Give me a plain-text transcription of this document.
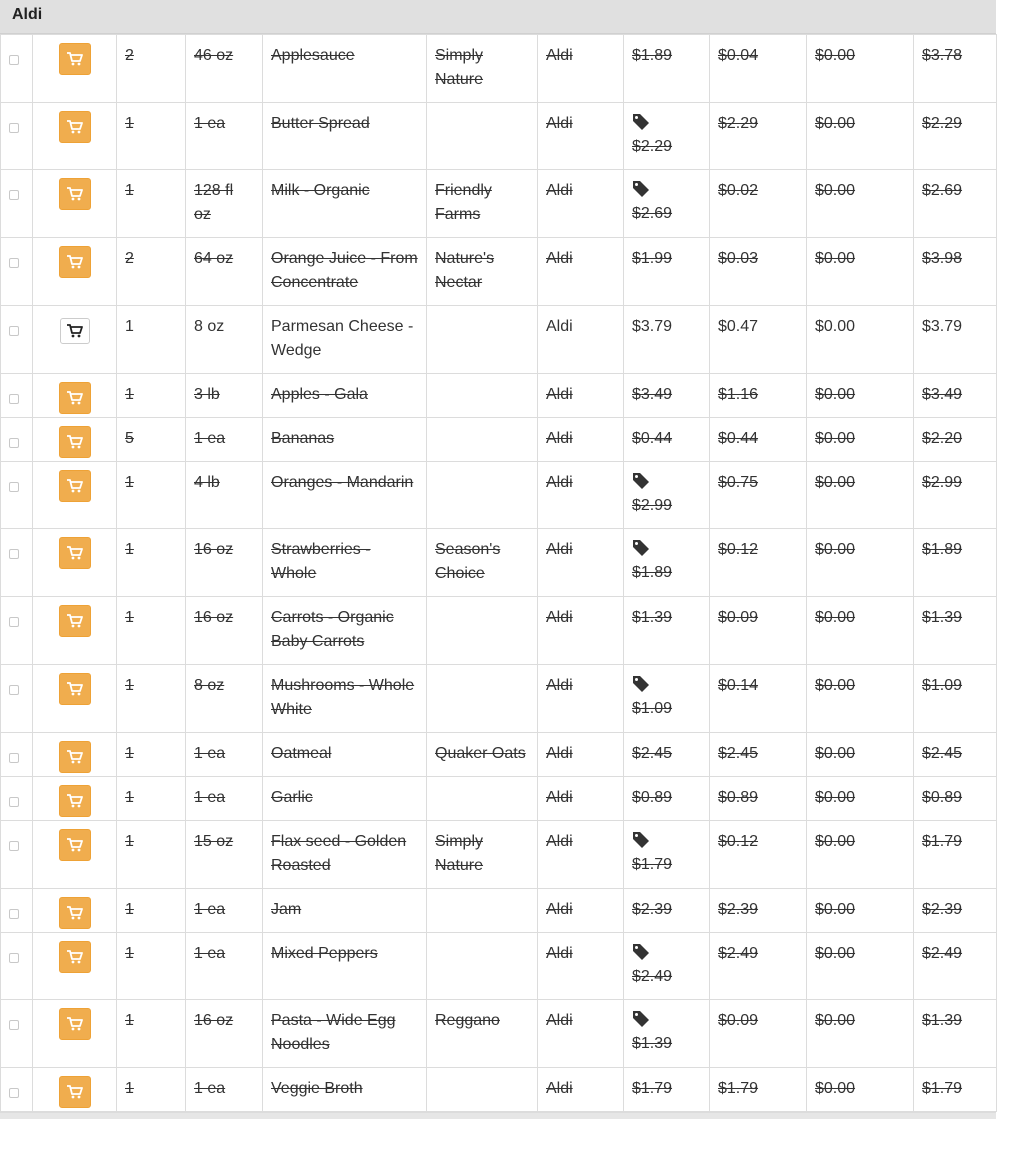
Aldi

	2	46 oz	Applesauce	Simply Nature	Aldi	$1.89	$0.04	$0.00	$3.78

	1	1 ea	Butter Spread		Aldi	$2.29	$2.29	$0.00	$2.29

	1	128 fl oz	Milk - Organic	Friendly Farms	Aldi	$2.69	$0.02	$0.00	$2.69

	2	64 oz	Orange Juice - From Concentrate	Nature's Nectar	Aldi	$1.99	$0.03	$0.00	$3.98

	1	8 oz	Parmesan Cheese - Wedge		Aldi	$3.79	$0.47	$0.00	$3.79

	1	3 lb	Apples - Gala		Aldi	$3.49	$1.16	$0.00	$3.49

	5	1 ea	Bananas		Aldi	$0.44	$0.44	$0.00	$2.20

	1	4 lb	Oranges - Mandarin		Aldi	$2.99	$0.75	$0.00	$2.99

	1	16 oz	Strawberries - Whole	Season's Choice	Aldi	$1.89	$0.12	$0.00	$1.89

	1	16 oz	Carrots - Organic Baby Carrots		Aldi	$1.39	$0.09	$0.00	$1.39

	1	8 oz	Mushrooms - Whole White		Aldi	$1.09	$0.14	$0.00	$1.09

	1	1 ea	Oatmeal	Quaker Oats	Aldi	$2.45	$2.45	$0.00	$2.45

	1	1 ea	Garlic		Aldi	$0.89	$0.89	$0.00	$0.89

	1	15 oz	Flax seed - Golden Roasted	Simply Nature	Aldi	$1.79	$0.12	$0.00	$1.79

	1	1 ea	Jam		Aldi	$2.39	$2.39	$0.00	$2.39

	1	1 ea	Mixed Peppers		Aldi	$2.49	$2.49	$0.00	$2.49

	1	16 oz	Pasta - Wide Egg Noodles	Reggano	Aldi	$1.39	$0.09	$0.00	$1.39

	1	1 ea	Veggie Broth		Aldi	$1.79	$1.79	$0.00	$1.79
